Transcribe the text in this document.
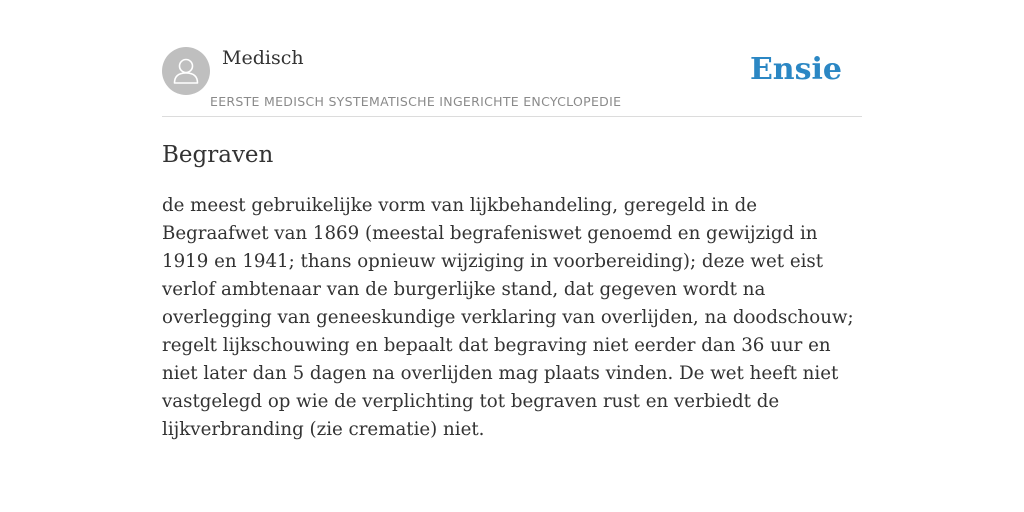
Medisch
EERSTE MEDISCH SYSTEMATISCHE INGERICHTE ENCYCLOPEDIE
Ensie
Begraven

de meest gebruikelijke vorm van lijkbehandeling, geregeld in de Begraafwet van 1869 (meestal begrafeniswet genoemd en gewijzigd in 1919 en 1941; thans opnieuw wijziging in voorbereiding); deze wet eist verlof ambtenaar van de burgerlijke stand, dat gegeven wordt na overlegging van geneeskundige verklaring van overlijden, na doodschouw; regelt lijkschouwing en bepaalt dat begraving niet eerder dan 36 uur en niet later dan 5 dagen na overlijden mag plaats vinden. De wet heeft niet vastgelegd op wie de verplichting tot begraven rust en verbiedt de lijkverbranding (zie crematie) niet.
